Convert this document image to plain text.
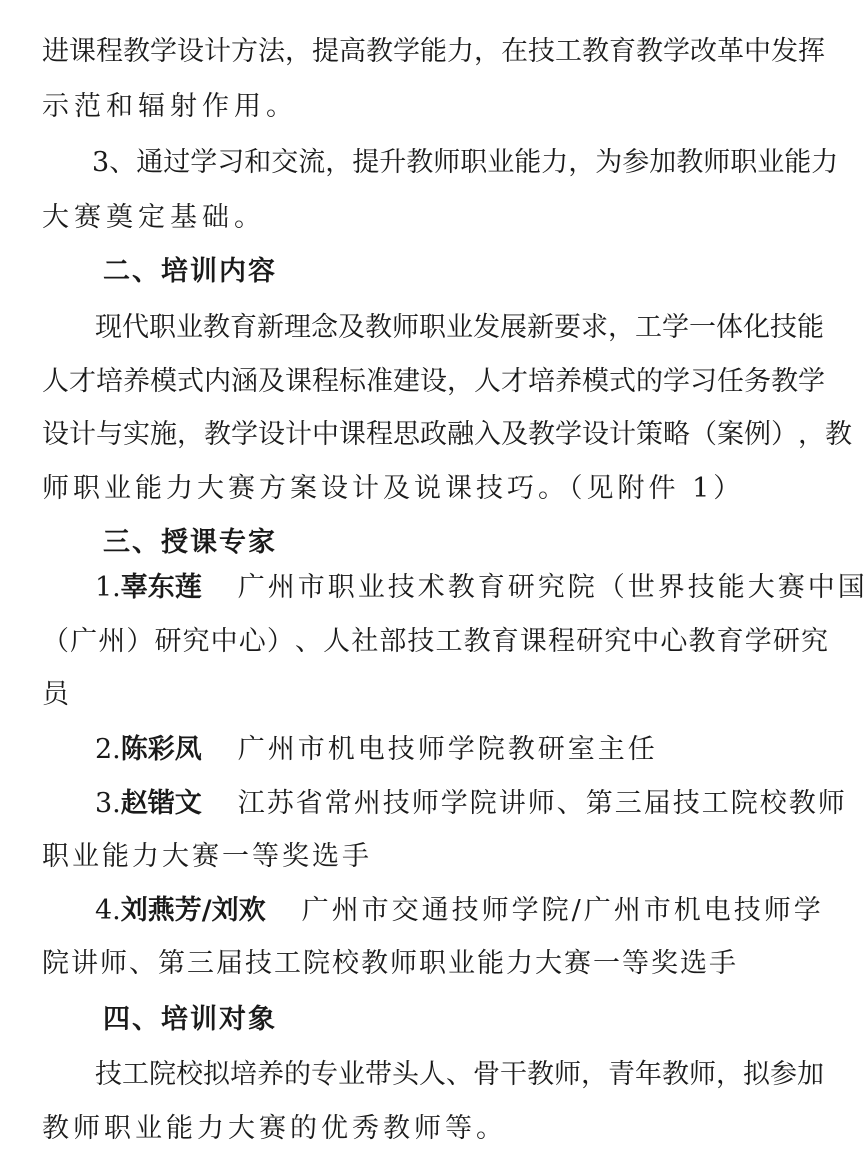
进 课 程 教 学 设 计 方 法 ， 提 高 教 学 能 力 ， 在 技 工 教 育 教 学 改 革 中 发 挥
示范和辐射作用。
3 、 通 过 学 习 和 交 流 ， 提 升 教 师 职 业 能 力 ， 为 参 加 教 师 职 业 能 力
大赛奠定基础。
二、培训内容
现 代 职 业 教 育 新 理 念 及 教 师 职 业 发 展 新 要 求 ， 工 学 一 体 化 技 能
人 才 培 养 模 式 内 涵 及 课 程 标 准 建 设 ， 人 才 培 养 模 式 的 学 习 任 务 教 学
设 计 与 实 施 ， 教 学 设 计 中 课 程 思 政 融 入 及 教 学 设 计 策 略 （ 案 例 ） ， 教
师职业能力大赛方案设计及说课技巧。（见附件 1）
三、授课专家
1.辜东莲 广州市职业技术教育研究院（世界技能大赛中国
（ 广 州 ） 研 究 中 心 ） 、 人 社 部 技 工 教 育 课 程 研 究 中 心 教 育 学 研 究
员
2.陈彩凤 广州市机电技师学院教研室主任
3.赵锴文 江苏省常州技师学院讲师、第三届技工院校教师
职业能力大赛一等奖选手
4.刘燕芳/刘欢 广州市交通技师学院/广州市机电技师学
院讲师、第三届技工院校教师职业能力大赛一等奖选手
四、培训对象
技 工 院 校 拟 培 养 的 专 业 带 头 人 、 骨 干 教 师 ， 青 年 教 师 ， 拟 参 加
教师职业能力大赛的优秀教师等。
